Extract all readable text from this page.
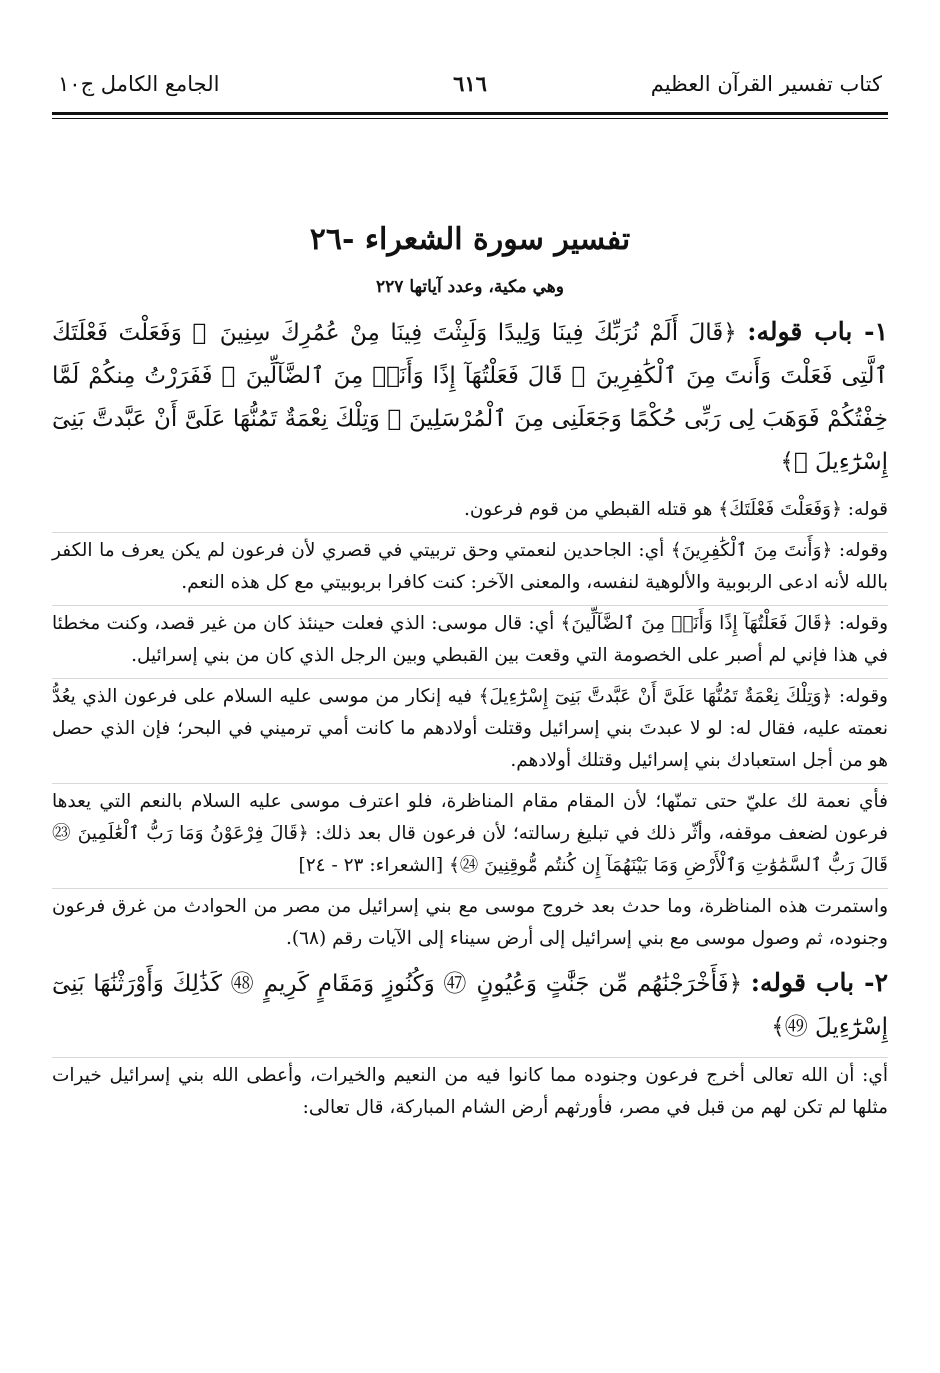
كتاب تفسير القرآن العظيم
٦١٦
الجامع الكامل ج١٠
تفسير سورة الشعراء -٢٦
وهي مكية، وعدد آياتها ٢٢٧

١- باب قوله: ﴿قَالَ أَلَمْ نُرَبِّكَ فِينَا وَلِيدًا وَلَبِثْتَ فِينَا مِنْ عُمُرِكَ سِنِينَ ⑱ وَفَعَلْتَ فَعْلَتَكَ ٱلَّتِى فَعَلْتَ وَأَنتَ مِنَ ٱلْكَٰفِرِينَ ⑲ قَالَ فَعَلْتُهَآ إِذًا وَأَنَا۠ مِنَ ٱلضَّآلِّينَ ⑳ فَفَرَرْتُ مِنكُمْ لَمَّا خِفْتُكُمْ فَوَهَبَ لِى رَبِّى حُكْمًا وَجَعَلَنِى مِنَ ٱلْمُرْسَلِينَ ㉑ وَتِلْكَ نِعْمَةٌ تَمُنُّهَا عَلَىَّ أَنْ عَبَّدتَّ بَنِىٓ إِسْرَٰٓءِيلَ ㉒﴾

قوله: ﴿وَفَعَلْتَ فَعْلَتَكَ﴾ هو قتله القبطي من قوم فرعون.

وقوله: ﴿وَأَنتَ مِنَ ٱلْكَٰفِرِينَ﴾ أي: الجاحدين لنعمتي وحق تربيتي في قصري لأن فرعون لم يكن يعرف ما الكفر بالله لأنه ادعى الربوبية والألوهية لنفسه، والمعنى الآخر: كنت كافرا بربوبيتي مع كل هذه النعم.

وقوله: ﴿قَالَ فَعَلْتُهَآ إِذًا وَأَنَا۠ مِنَ ٱلضَّآلِّينَ﴾ أي: قال موسى: الذي فعلت حينئذ كان من غير قصد، وكنت مخطئا في هذا فإني لم أصبر على الخصومة التي وقعت بين القبطي وبين الرجل الذي كان من بني إسرائيل.

وقوله: ﴿وَتِلْكَ نِعْمَةٌ تَمُنُّهَا عَلَىَّ أَنْ عَبَّدتَّ بَنِىٓ إِسْرَٰٓءِيلَ﴾ فيه إنكار من موسى عليه السلام على فرعون الذي يعُدُّ نعمته عليه، فقال له: لو لا عبدتَ بني إسرائيل وقتلت أولادهم ما كانت أمي ترميني في البحر؛ فإن الذي حصل هو من أجل استعبادك بني إسرائيل وقتلك أولادهم.

فأي نعمة لك عليّ حتى تمنّها؛ لأن المقام مقام المناظرة، فلو اعترف موسى عليه السلام بالنعم التي يعدها فرعون لضعف موقفه، وأثّر ذلك في تبليغ رسالته؛ لأن فرعون قال بعد ذلك: ﴿قَالَ فِرْعَوْنُ وَمَا رَبُّ ٱلْعَٰلَمِينَ ㉓ قَالَ رَبُّ ٱلسَّمَٰوَٰتِ وَٱلْأَرْضِ وَمَا بَيْنَهُمَآ إِن كُنتُم مُّوقِنِينَ ㉔﴾ [الشعراء: ٢٣ - ٢٤]

واستمرت هذه المناظرة، وما حدث بعد خروج موسى مع بني إسرائيل من مصر من الحوادث من غرق فرعون وجنوده، ثم وصول موسى مع بني إسرائيل إلى أرض سيناء إلى الآيات رقم (٦٨).

٢- باب قوله: ﴿فَأَخْرَجْنَٰهُم مِّن جَنَّٰتٍ وَعُيُونٍ ㊼ وَكُنُوزٍ وَمَقَامٍ كَرِيمٍ ㊽ كَذَٰلِكَ وَأَوْرَثْنَٰهَا بَنِىٓ إِسْرَٰٓءِيلَ ㊾﴾

أي: أن الله تعالى أخرج فرعون وجنوده مما كانوا فيه من النعيم والخيرات، وأعطى الله بني إسرائيل خيرات مثلها لم تكن لهم من قبل في مصر، فأورثهم أرض الشام المباركة، قال تعالى:
